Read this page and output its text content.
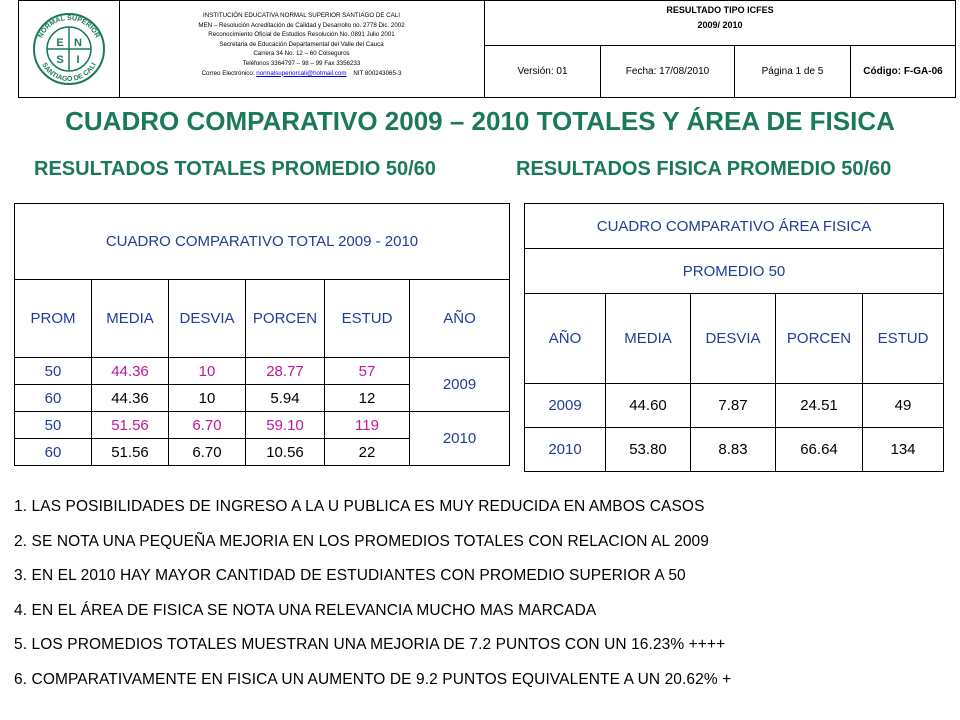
NORMAL SUPERIOR
SANTIAGO DE CALI
E N
S I
INSTITUCIÓN EDUCATIVA NORMAL SUPERIOR SANTIAGO DE CALI
MEN – Resolución Acreditación de Calidad y Desarrollo no. 2778 Dic. 2002
Reconocimiento Oficial de Estudios Resolución No. 0891 Julio 2001
Secretaria de Educación Departamental del Valle del Cauca
Carrera 34 No. 12 – 60 Colseguros
Teléfonos 3364797 – 98 – 99 Fax 3356233
Correo Electrónico: normalsuperiorcali@hotmail.com NIT 800243065-3
RESULTADO TIPO ICFES
2009/ 2010
Versión: 01	Fecha: 17/08/2010	Página 1 de 5	Código: F-GA-06
CUADRO COMPARATIVO 2009 – 2010 TOTALES Y ÁREA DE FISICA
RESULTADOS TOTALES PROMEDIO 50/60	RESULTADOS FISICA PROMEDIO 50/60
CUADRO COMPARATIVO TOTAL 2009 - 2010					
PROM	MEDIA	DESVIA	PORCEN	ESTUD	AÑO
50	44.36	10	28.77	57	2009
60	44.36	10	5.94	12	
50	51.56	6.70	59.10	119	2010
60	51.56	6.70	10.56	22	
CUADRO COMPARATIVO ÁREA FISICA				
PROMEDIO 50				
AÑO	MEDIA	DESVIA	PORCEN	ESTUD
2009	44.60	7.87	24.51	49
2010	53.80	8.83	66.64	134
1. LAS POSIBILIDADES DE INGRESO A LA U PUBLICA ES MUY REDUCIDA EN AMBOS CASOS
2. SE NOTA UNA PEQUEÑA MEJORIA EN LOS PROMEDIOS TOTALES CON RELACION AL 2009
3. EN EL 2010 HAY MAYOR CANTIDAD DE ESTUDIANTES CON PROMEDIO SUPERIOR A 50
4. EN EL ÁREA DE FISICA SE NOTA UNA RELEVANCIA MUCHO MAS MARCADA
5. LOS PROMEDIOS TOTALES MUESTRAN UNA MEJORIA DE 7.2 PUNTOS CON UN 16.23% ++++
6. COMPARATIVAMENTE EN FISICA UN AUMENTO DE 9.2 PUNTOS EQUIVALENTE A UN 20.62% +
